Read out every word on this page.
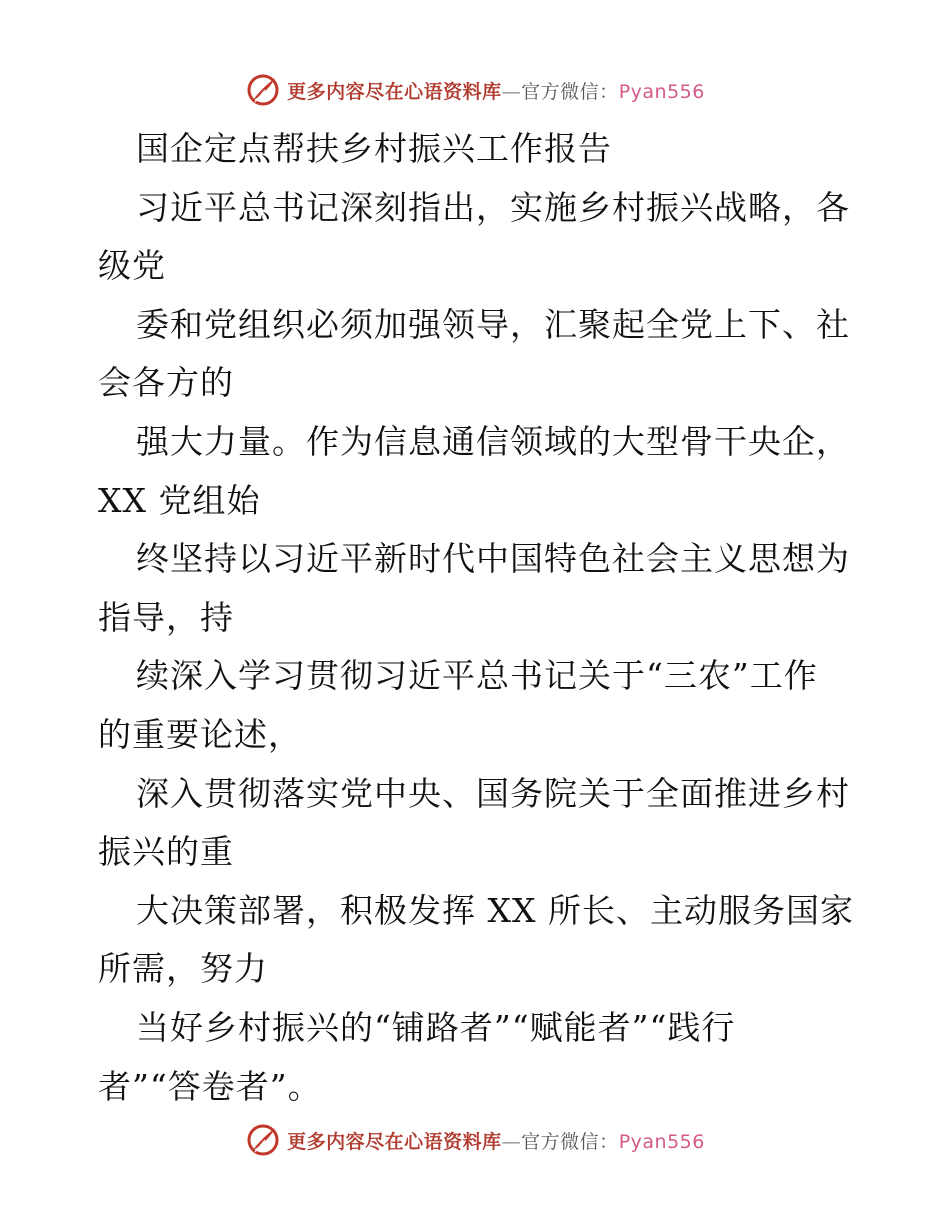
更多内容尽在心语资料库—官方微信：Pyan556
国企定点帮扶乡村振兴工作报告
习近平总书记深刻指出，实施乡村振兴战略，各
级党
委和党组织必须加强领导，汇聚起全党上下、社
会各方的
强大力量。作为信息通信领域的大型骨干央企，
XX 党组始
终坚持以习近平新时代中国特色社会主义思想为
指导，持
续深入学习贯彻习近平总书记关于“三农”工作
的重要论述，
深入贯彻落实党中央、国务院关于全面推进乡村
振兴的重
大决策部署，积极发挥 XX 所长、主动服务国家
所需，努力
当好乡村振兴的“铺路者”“赋能者”“践行
者”“答卷者”。
更多内容尽在心语资料库—官方微信：Pyan556
